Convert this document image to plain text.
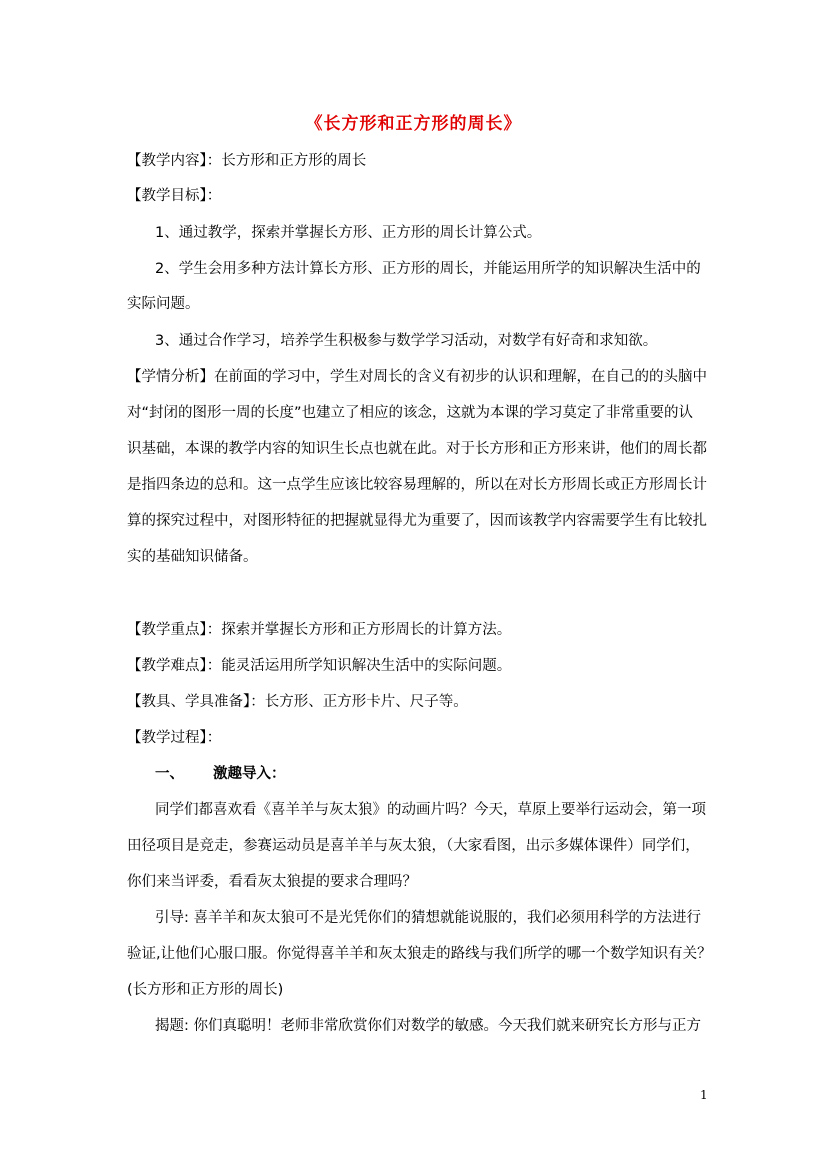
《长方形和正方形的周长》
【教学内容】：长方形和正方形的周长
【教学目标】：
1、通过教学，探索并掌握长方形、正方形的周长计算公式。
2、学生会用多种方法计算长方形、正方形的周长，并能运用所学的知识解决生活中的
实际问题。
3、通过合作学习，培养学生积极参与数学学习活动，对数学有好奇和求知欲。
【学情分析】在前面的学习中，学生对周长的含义有初步的认识和理解，在自己的的头脑中
对“封闭的图形一周的长度”也建立了相应的该念，这就为本课的学习莫定了非常重要的认
识基础，本课的教学内容的知识生长点也就在此。对于长方形和正方形来讲，他们的周长都
是指四条边的总和。这一点学生应该比较容易理解的，所以在对长方形周长或正方形周长计
算的探究过程中，对图形特征的把握就显得尤为重要了，因而该教学内容需要学生有比较扎
实的基础知识储备。
【教学重点】：探索并掌握长方形和正方形周长的计算方法。
【教学难点】：能灵活运用所学知识解决生活中的实际问题。
【教具、学具准备】：长方形、正方形卡片、尺子等。
【教学过程】：
一、 激趣导入：
同学们都喜欢看《喜羊羊与灰太狼》的动画片吗？今天，草原上要举行运动会，第一项
田径项目是竞走，参赛运动员是喜羊羊与灰太狼，（大家看图，出示多媒体课件）同学们，
你们来当评委，看看灰太狼提的要求合理吗？
引导: 喜羊羊和灰太狼可不是光凭你们的猜想就能说服的，我们必须用科学的方法进行
验证,让他们心服口服。你觉得喜羊羊和灰太狼走的路线与我们所学的哪一个数学知识有关？
(长方形和正方形的周长)
揭题: 你们真聪明！老师非常欣赏你们对数学的敏感。今天我们就来研究长方形与正方
1
